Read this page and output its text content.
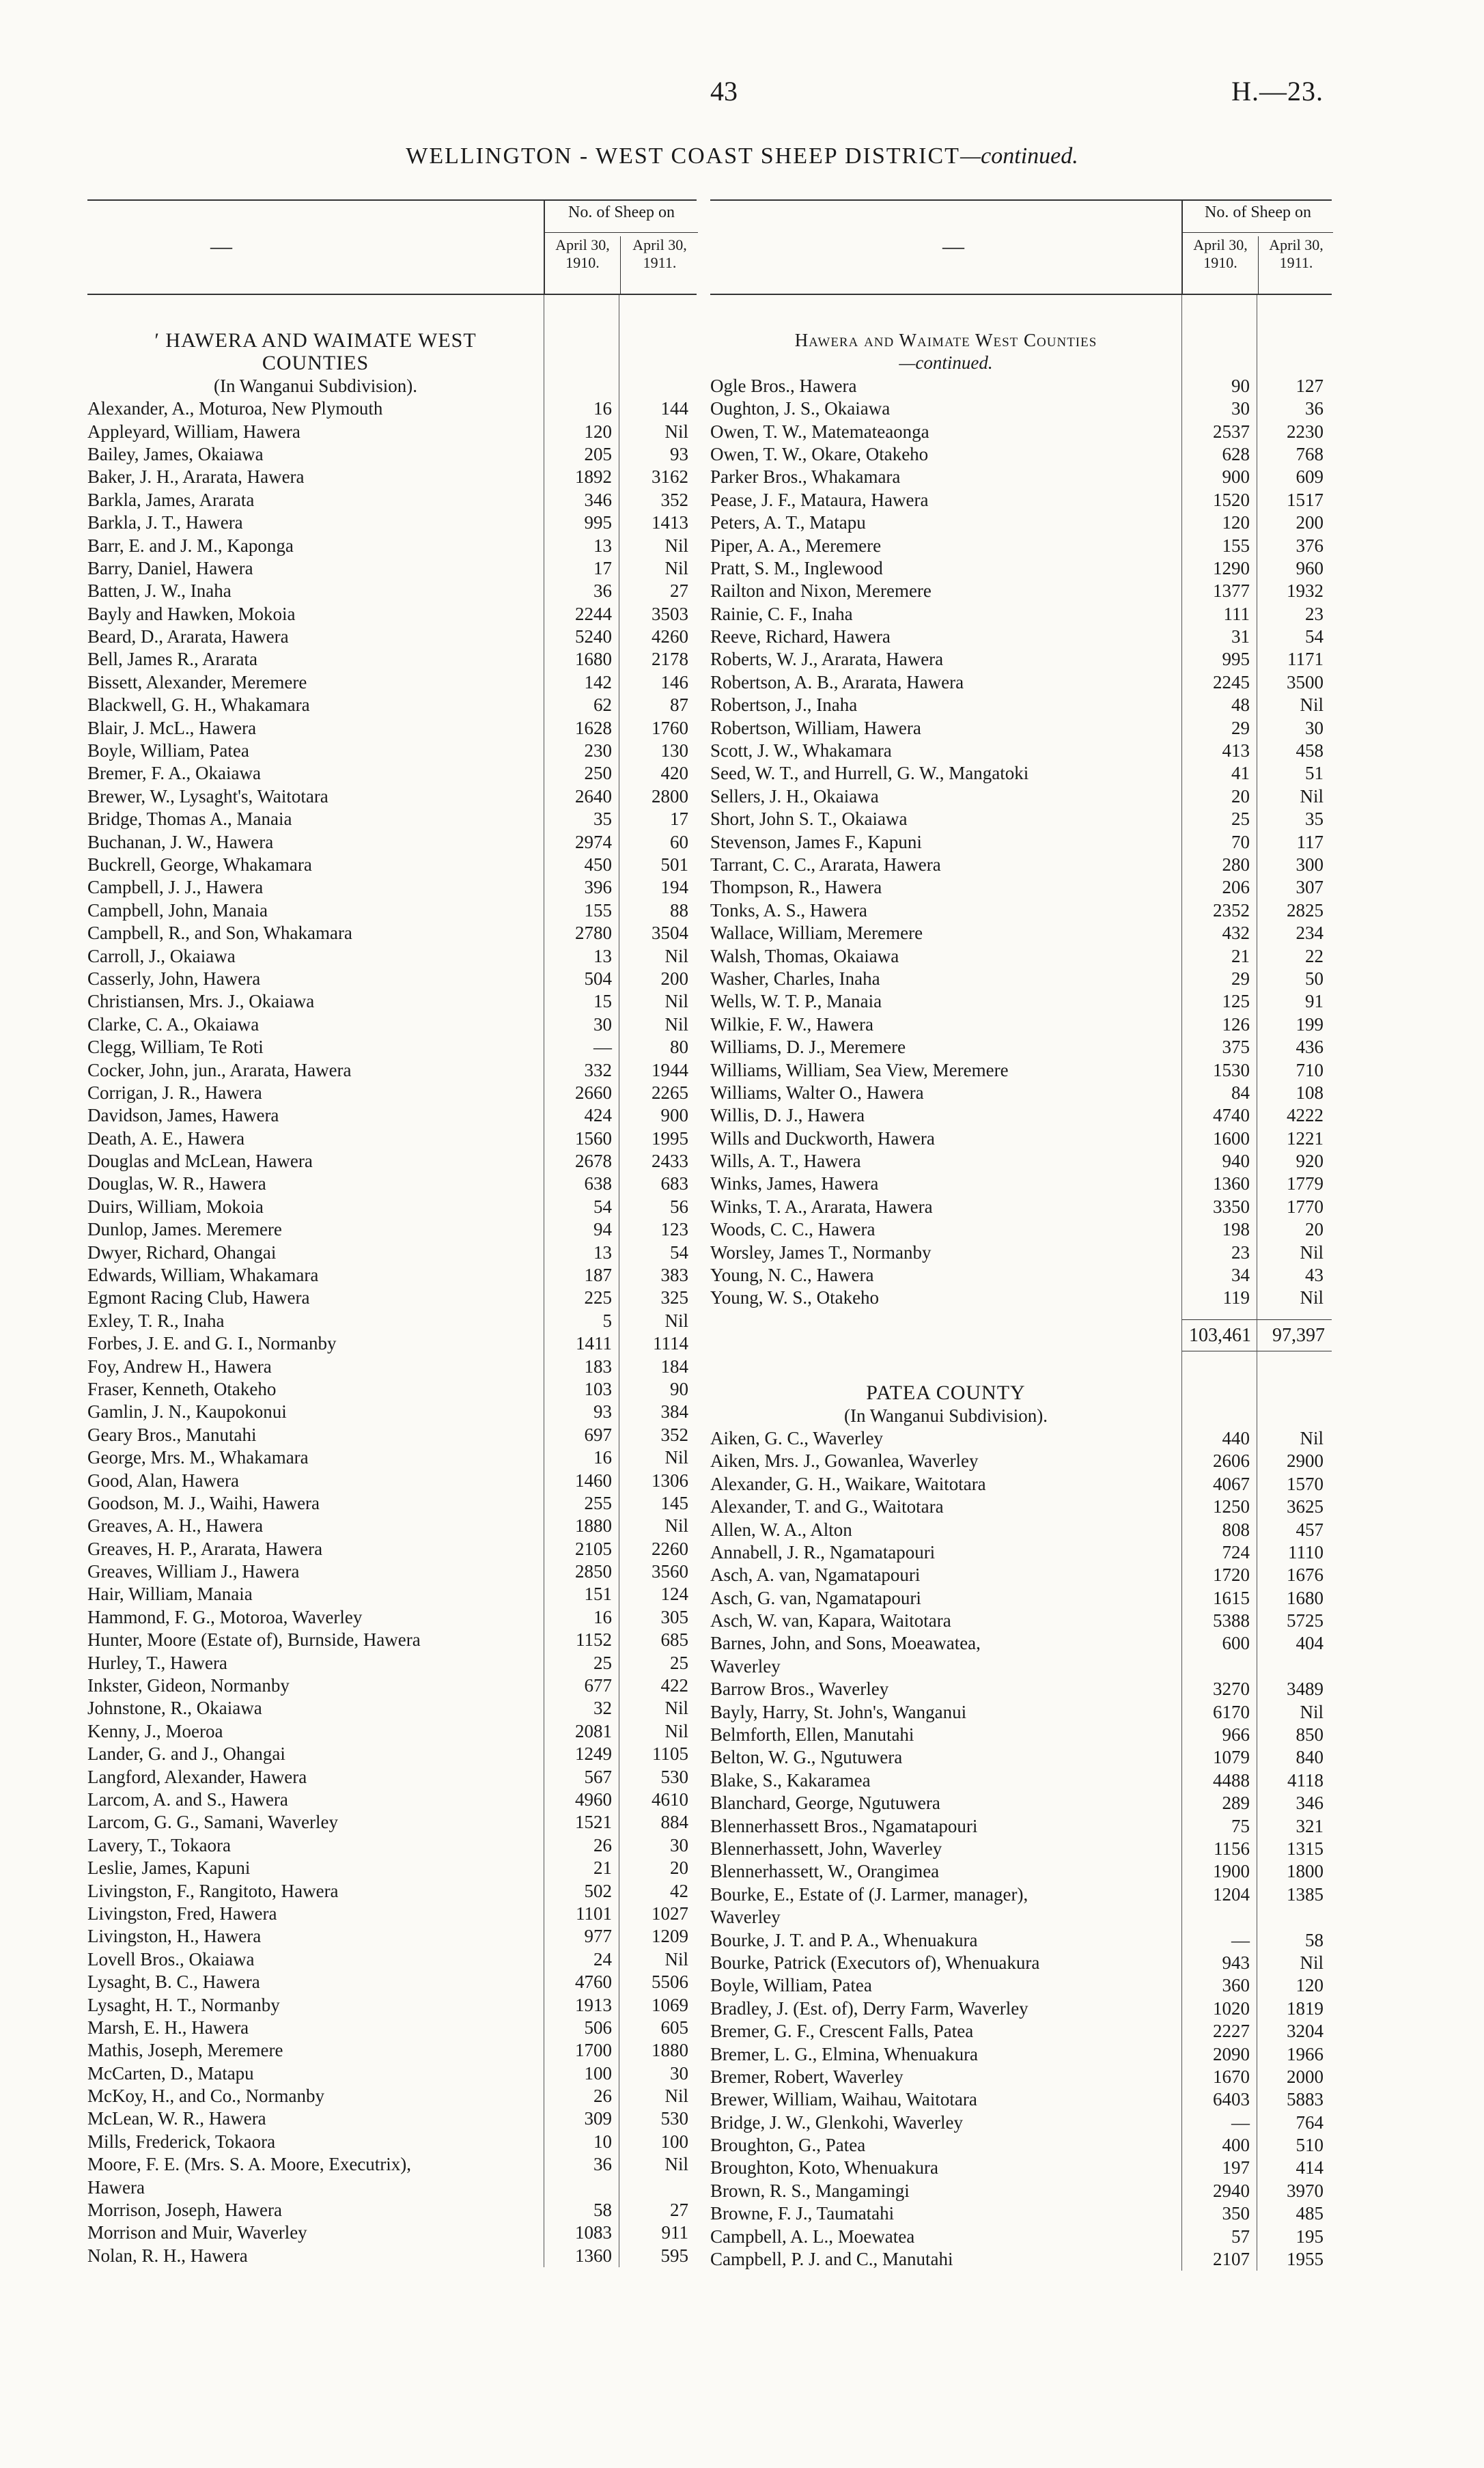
43	H.—23.
WELLINGTON - WEST COAST SHEEP DISTRICT—continued.
—
No. of Sheep on
April 30, 1910.
April 30, 1911.
′ HAWERA AND WAIMATE WEST
COUNTIES
(In Wanganui Subdivision).
Alexander, A., Moturoa, New Plymouth	16	144
Appleyard, William, Hawera	120	Nil
Bailey, James, Okaiawa	205	93
Baker, J. H., Ararata, Hawera	1892	3162
Barkla, James, Ararata	346	352
Barkla, J. T., Hawera	995	1413
Barr, E. and J. M., Kaponga	13	Nil
Barry, Daniel, Hawera	17	Nil
Batten, J. W., Inaha	36	27
Bayly and Hawken, Mokoia	2244	3503
Beard, D., Ararata, Hawera	5240	4260
Bell, James R., Ararata	1680	2178
Bissett, Alexander, Meremere	142	146
Blackwell, G. H., Whakamara	62	87
Blair, J. McL., Hawera	1628	1760
Boyle, William, Patea	230	130
Bremer, F. A., Okaiawa	250	420
Brewer, W., Lysaght's, Waitotara	2640	2800
Bridge, Thomas A., Manaia	35	17
Buchanan, J. W., Hawera	2974	60
Buckrell, George, Whakamara	450	501
Campbell, J. J., Hawera	396	194
Campbell, John, Manaia	155	88
Campbell, R., and Son, Whakamara	2780	3504
Carroll, J., Okaiawa	13	Nil
Casserly, John, Hawera	504	200
Christiansen, Mrs. J., Okaiawa	15	Nil
Clarke, C. A., Okaiawa	30	Nil
Clegg, William, Te Roti	—	80
Cocker, John, jun., Ararata, Hawera	332	1944
Corrigan, J. R., Hawera	2660	2265
Davidson, James, Hawera	424	900
Death, A. E., Hawera	1560	1995
Douglas and McLean, Hawera	2678	2433
Douglas, W. R., Hawera	638	683
Duirs, William, Mokoia	54	56
Dunlop, James. Meremere	94	123
Dwyer, Richard, Ohangai	13	54
Edwards, William, Whakamara	187	383
Egmont Racing Club, Hawera	225	325
Exley, T. R., Inaha	5	Nil
Forbes, J. E. and G. I., Normanby	1411	1114
Foy, Andrew H., Hawera	183	184
Fraser, Kenneth, Otakeho	103	90
Gamlin, J. N., Kaupokonui	93	384
Geary Bros., Manutahi	697	352
George, Mrs. M., Whakamara	16	Nil
Good, Alan, Hawera	1460	1306
Goodson, M. J., Waihi, Hawera	255	145
Greaves, A. H., Hawera	1880	Nil
Greaves, H. P., Ararata, Hawera	2105	2260
Greaves, William J., Hawera	2850	3560
Hair, William, Manaia	151	124
Hammond, F. G., Motoroa, Waverley	16	305
Hunter, Moore (Estate of), Burnside, Hawera	1152	685
Hurley, T., Hawera	25	25
Inkster, Gideon, Normanby	677	422
Johnstone, R., Okaiawa	32	Nil
Kenny, J., Moeroa	2081	Nil
Lander, G. and J., Ohangai	1249	1105
Langford, Alexander, Hawera	567	530
Larcom, A. and S., Hawera	4960	4610
Larcom, G. G., Samani, Waverley	1521	884
Lavery, T., Tokaora	26	30
Leslie, James, Kapuni	21	20
Livingston, F., Rangitoto, Hawera	502	42
Livingston, Fred, Hawera	1101	1027
Livingston, H., Hawera	977	1209
Lovell Bros., Okaiawa	24	Nil
Lysaght, B. C., Hawera	4760	5506
Lysaght, H. T., Normanby	1913	1069
Marsh, E. H., Hawera	506	605
Mathis, Joseph, Meremere	1700	1880
McCarten, D., Matapu	100	30
McKoy, H., and Co., Normanby	26	Nil
McLean, W. R., Hawera	309	530
Mills, Frederick, Tokaora	10	100
Moore, F. E. (Mrs. S. A. Moore, Executrix),	36	Nil
Hawera
Morrison, Joseph, Hawera	58	27
Morrison and Muir, Waverley	1083	911
Nolan, R. H., Hawera	1360	595
—
No. of Sheep on
April 30, 1910.
April 30, 1911.
Hawera and Waimate West Counties
—continued.
Ogle Bros., Hawera	90	127
Oughton, J. S., Okaiawa	30	36
Owen, T. W., Matemateaonga	2537	2230
Owen, T. W., Okare, Otakeho	628	768
Parker Bros., Whakamara	900	609
Pease, J. F., Mataura, Hawera	1520	1517
Peters, A. T., Matapu	120	200
Piper, A. A., Meremere	155	376
Pratt, S. M., Inglewood	1290	960
Railton and Nixon, Meremere	1377	1932
Rainie, C. F., Inaha	111	23
Reeve, Richard, Hawera	31	54
Roberts, W. J., Ararata, Hawera	995	1171
Robertson, A. B., Ararata, Hawera	2245	3500
Robertson, J., Inaha	48	Nil
Robertson, William, Hawera	29	30
Scott, J. W., Whakamara	413	458
Seed, W. T., and Hurrell, G. W., Mangatoki	41	51
Sellers, J. H., Okaiawa	20	Nil
Short, John S. T., Okaiawa	25	35
Stevenson, James F., Kapuni	70	117
Tarrant, C. C., Ararata, Hawera	280	300
Thompson, R., Hawera	206	307
Tonks, A. S., Hawera	2352	2825
Wallace, William, Meremere	432	234
Walsh, Thomas, Okaiawa	21	22
Washer, Charles, Inaha	29	50
Wells, W. T. P., Manaia	125	91
Wilkie, F. W., Hawera	126	199
Williams, D. J., Meremere	375	436
Williams, William, Sea View, Meremere	1530	710
Williams, Walter O., Hawera	84	108
Willis, D. J., Hawera	4740	4222
Wills and Duckworth, Hawera	1600	1221
Wills, A. T., Hawera	940	920
Winks, James, Hawera	1360	1779
Winks, T. A., Ararata, Hawera	3350	1770
Woods, C. C., Hawera	198	20
Worsley, James T., Normanby	23	Nil
Young, N. C., Hawera	34	43
Young, W. S., Otakeho	119	Nil
103,461	97,397
PATEA COUNTY
(In Wanganui Subdivision).
Aiken, G. C., Waverley	440	Nil
Aiken, Mrs. J., Gowanlea, Waverley	2606	2900
Alexander, G. H., Waikare, Waitotara	4067	1570
Alexander, T. and G., Waitotara	1250	3625
Allen, W. A., Alton	808	457
Annabell, J. R., Ngamatapouri	724	1110
Asch, A. van, Ngamatapouri	1720	1676
Asch, G. van, Ngamatapouri	1615	1680
Asch, W. van, Kapara, Waitotara	5388	5725
Barnes, John, and Sons, Moeawatea,	600	404
Waverley
Barrow Bros., Waverley	3270	3489
Bayly, Harry, St. John's, Wanganui	6170	Nil
Belmforth, Ellen, Manutahi	966	850
Belton, W. G., Ngutuwera	1079	840
Blake, S., Kakaramea	4488	4118
Blanchard, George, Ngutuwera	289	346
Blennerhassett Bros., Ngamatapouri	75	321
Blennerhassett, John, Waverley	1156	1315
Blennerhassett, W., Orangimea	1900	1800
Bourke, E., Estate of (J. Larmer, manager),	1204	1385
Waverley
Bourke, J. T. and P. A., Whenuakura	—	58
Bourke, Patrick (Executors of), Whenuakura	943	Nil
Boyle, William, Patea	360	120
Bradley, J. (Est. of), Derry Farm, Waverley	1020	1819
Bremer, G. F., Crescent Falls, Patea	2227	3204
Bremer, L. G., Elmina, Whenuakura	2090	1966
Bremer, Robert, Waverley	1670	2000
Brewer, William, Waihau, Waitotara	6403	5883
Bridge, J. W., Glenkohi, Waverley	—	764
Broughton, G., Patea	400	510
Broughton, Koto, Whenuakura	197	414
Brown, R. S., Mangamingi	2940	3970
Browne, F. J., Taumatahi	350	485
Campbell, A. L., Moewatea	57	195
Campbell, P. J. and C., Manutahi	2107	1955
